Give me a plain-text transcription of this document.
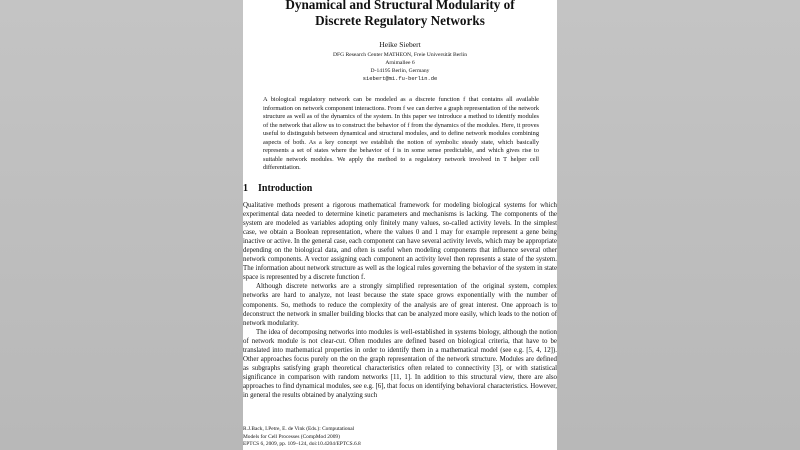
Dynamical and Structural Modularity of
Discrete Regulatory Networks
Heike Siebert
DFG Research Center MATHEON, Freie Universität Berlin
Arnimallee 6
D-14195 Berlin, Germany
siebert@mi.fu-berlin.de
A biological regulatory network can be modeled as a discrete function f that contains all available information on network component interactions. From f we can derive a graph representation of the network structure as well as of the dynamics of the system. In this paper we introduce a method to identify modules of the network that allow us to construct the behavior of f from the dynamics of the modules. Here, it proves useful to distinguish between dynamical and structural modules, and to define network modules combining aspects of both. As a key concept we establish the notion of symbolic steady state, which basically represents a set of states where the behavior of f is in some sense predictable, and which gives rise to suitable network modules. We apply the method to a regulatory network involved in T helper cell differentiation.
1 Introduction

Qualitative methods present a rigorous mathematical framework for modeling biological systems for which experimental data needed to determine kinetic parameters and mechanisms is lacking. The components of the system are modeled as variables adopting only finitely many values, so-called activity levels. In the simplest case, we obtain a Boolean representation, where the values 0 and 1 may for example represent a gene being inactive or active. In the general case, each component can have several activity levels, which may be appropriate depending on the biological data, and often is useful when modeling components that influence several other network components. A vector assigning each component an activity level then represents a state of the system. The information about network structure as well as the logical rules governing the behavior of the system in state space is represented by a discrete function f.

Although discrete networks are a strongly simplified representation of the original system, complex networks are hard to analyze, not least because the state space grows exponentially with the number of components. So, methods to reduce the complexity of the analysis are of great interest. One approach is to deconstruct the network in smaller building blocks that can be analyzed more easily, which leads to the notion of network modularity.

The idea of decomposing networks into modules is well-established in systems biology, although the notion of network module is not clear-cut. Often modules are defined based on biological criteria, that have to be translated into mathematical properties in order to identify them in a mathematical model (see e.g. [5, 4, 12]). Other approaches focus purely on the on the graph representation of the network structure. Modules are defined as subgraphs satisfying graph theoretical characteristics often related to connectivity [3], or with statistical significance in comparison with random networks [11, 1]. In addition to this structural view, there are also approaches to find dynamical modules, see e.g. [6], that focus on identifying behavioral characteristics. However, in general the results obtained by analyzing such

R.J.Back, I.Petre, E. de Vink (Eds.): Computational
Models for Cell Processes (CompMod 2009)
EPTCS 6, 2009, pp. 109–124, doi:10.4204/EPTCS.6.8
